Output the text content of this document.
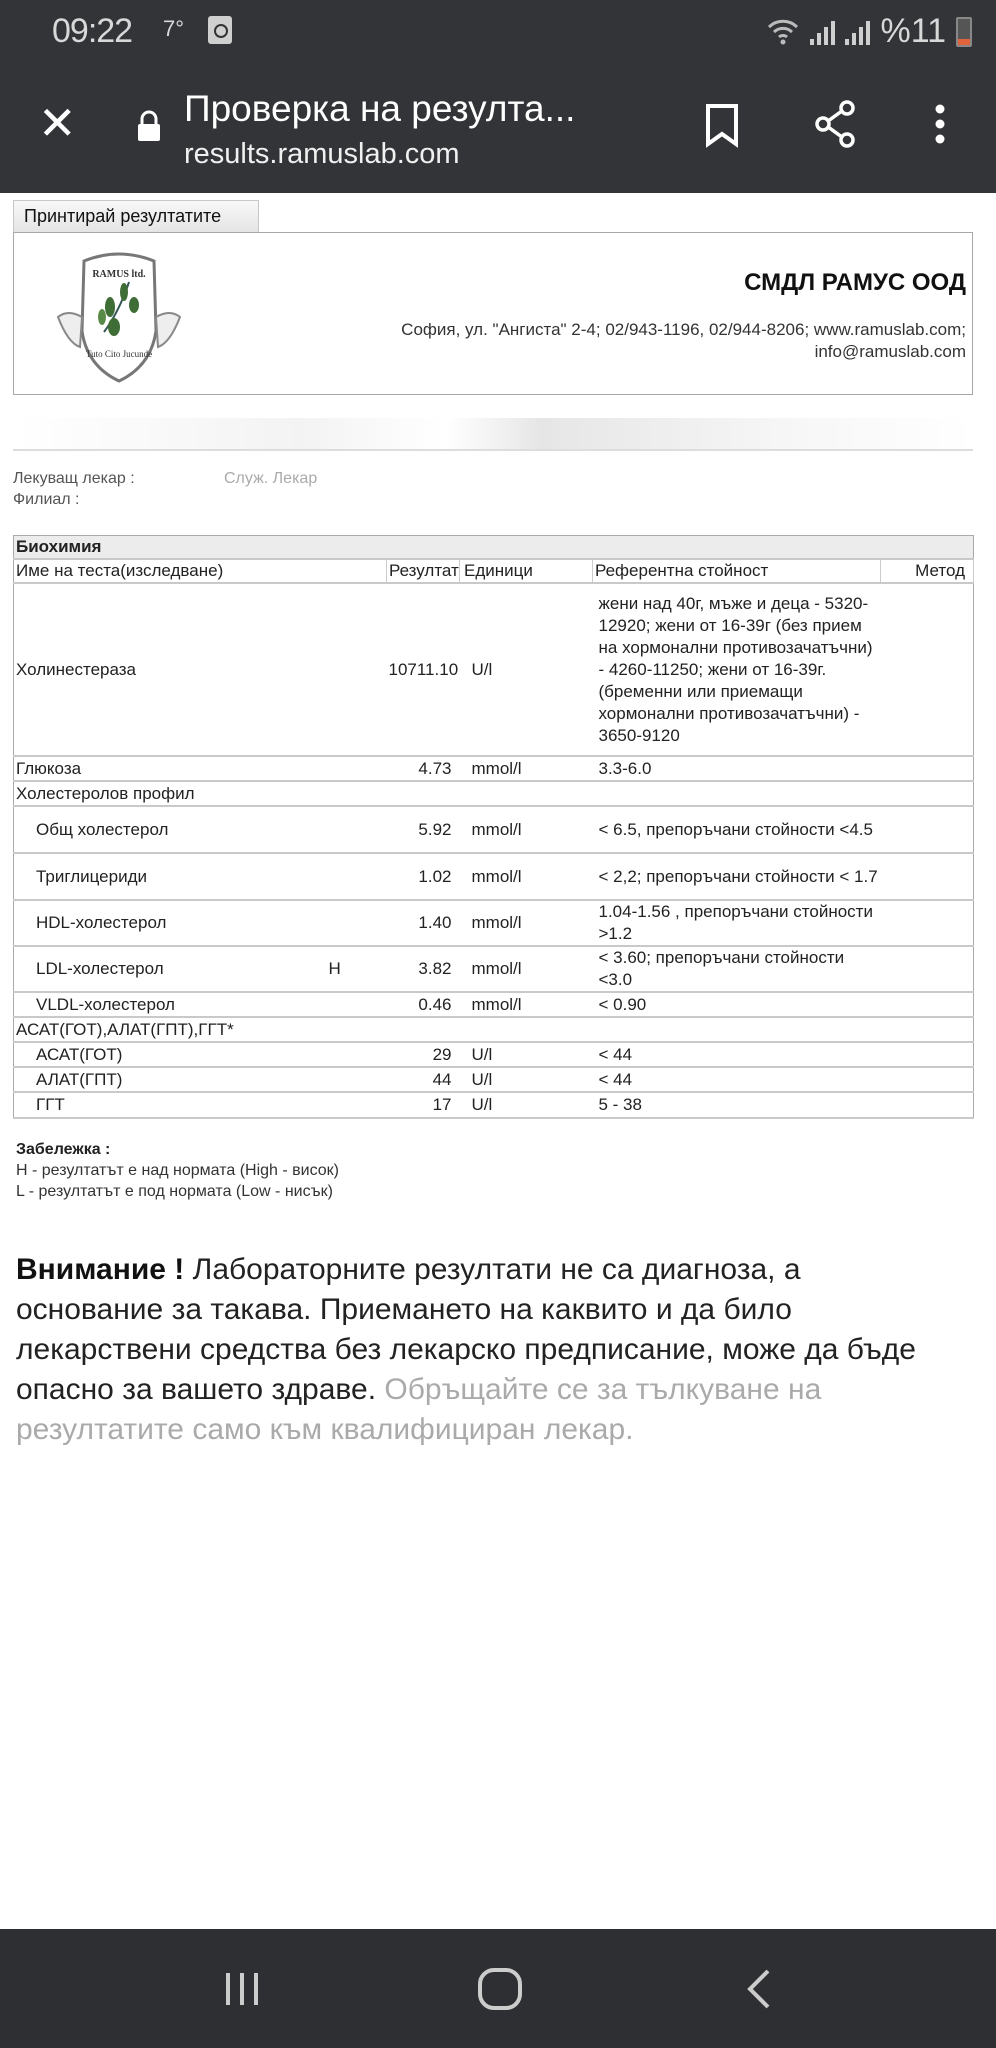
09:22 7°	%11
✕	Проверка на резулта...
results.ramuslab.com
Принтирай резултатите
RAMUS ltd.
Tuto Cito Jucunde
СМДЛ РАМУС ООД
София, ул. "Ангиста" 2-4; 02/943-1196, 02/944-8206; www.ramuslab.com;
info@ramuslab.com
Лекуващ лекар :	Служ. Лекар
Филиал :
Биохимия					
Име на теста(изследване)		Резултат	Единици	Референтна стойност	Метод
Холинестераза		10711.10	U/l	жени над 40г, мъже и деца - 5320-12920; жени от 16-39г (без прием на хормонални противозачатъчни) - 4260-11250; жени от 16-39г. (бременни или приемащи хормонални противозачатъчни) - 3650-9120	
Глюкоза		4.73	mmol/l	3.3-6.0	
Холестеролов профил					
Общ холестерол		5.92	mmol/l	< 6.5, препоръчани стойности <4.5	
Триглицериди		1.02	mmol/l	< 2,2; препоръчани стойности < 1.7	
HDL-холестерол		1.40	mmol/l	1.04-1.56 , препоръчани стойности >1.2	
LDL-холестерол	H	3.82	mmol/l	< 3.60; препоръчани стойности <3.0	
VLDL-холестерол		0.46	mmol/l	< 0.90	
АСАТ(ГОТ),АЛАТ(ГПТ),ГГТ*					
АСАТ(ГОТ)		29	U/l	< 44	
АЛАТ(ГПТ)		44	U/l	< 44	
ГГТ		17	U/l	5 - 38	
Забележка :
H - резултатът е над нормата (High - висок)
L - резултатът е под нормата (Low - нисък)
Внимание ! Лабораторните резултати не са диагноза, а основание за такава. Приемането на каквито и да било лекарствени средства без лекарско предписание, може да бъде опасно за вашето здраве. Обръщайте се за тълкуване на резултатите само към квалифициран лекар.
